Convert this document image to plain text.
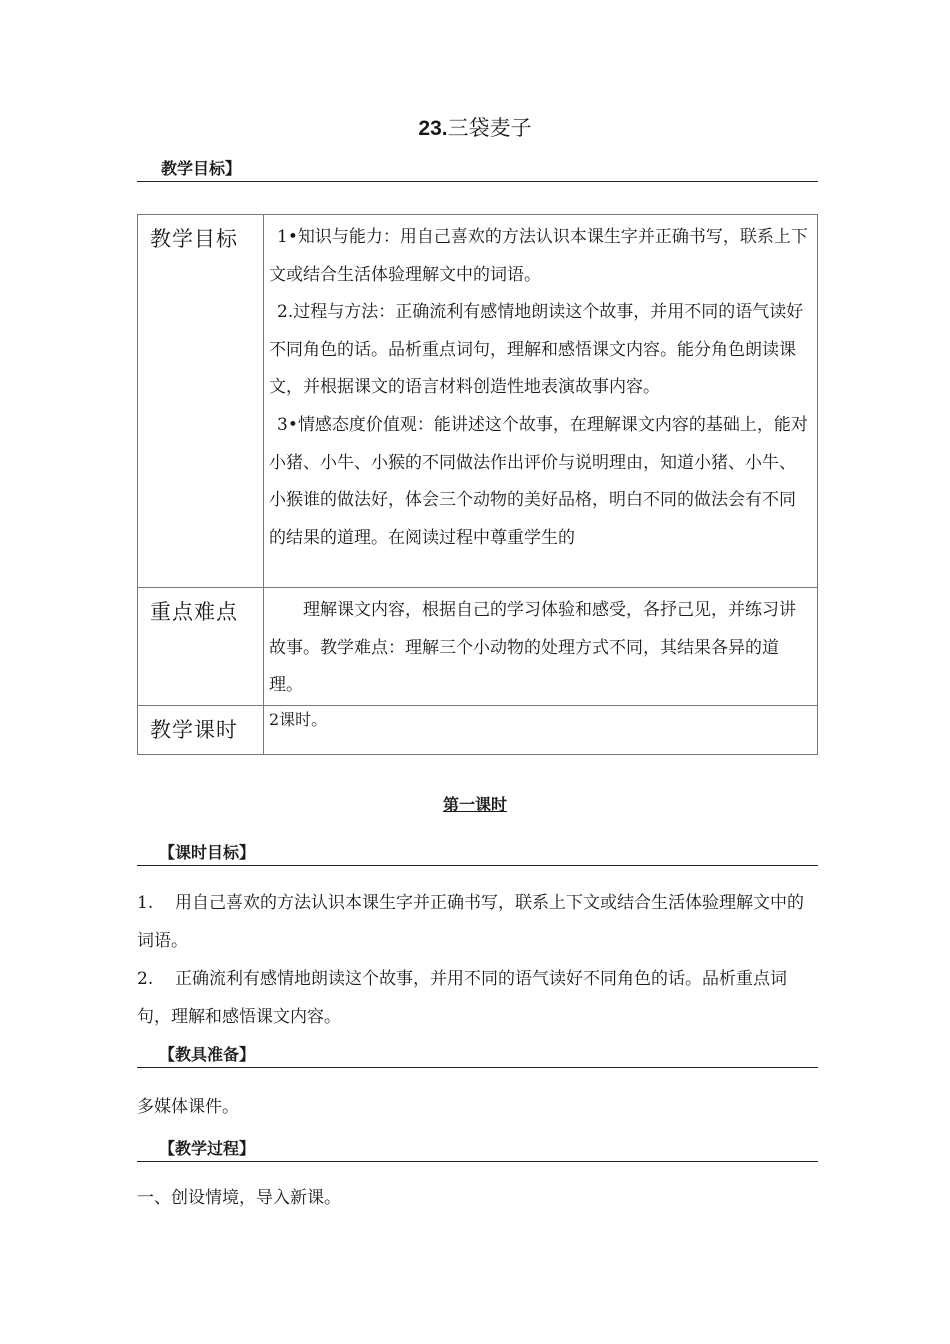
23.三袋麦子
教学目标】
教学目标	1•知识与能力：用自己喜欢的方法认识本课生字并正确书写，联系上下文或结合生活体验理解文中的词语。

2.过程与方法：正确流利有感情地朗读这个故事，并用不同的语气读好不同角色的话。品析重点词句，理解和感悟课文内容。能分角色朗读课文，并根据课文的语言材料创造性地表演故事内容。

3•情感态度价值观：能讲述这个故事，在理解课文内容的基础上，能对小猪、小牛、小猴的不同做法作出评价与说明理由，知道小猪、小牛、小猴谁的做法好，体会三个动物的美好品格，明白不同的做法会有不同的结果的道理。在阅读过程中尊重学生的

重点难点	理解课文内容，根据自己的学习体验和感受，各抒己见，并练习讲故事。教学难点：理解三个小动物的处理方式不同，其结果各异的道理。

教学课时	2课时。
第一课时
【课时目标】
1. 用自己喜欢的方法认识本课生字并正确书写，联系上下文或结合生活体验理解文中的词语。
2. 正确流利有感情地朗读这个故事，并用不同的语气读好不同角色的话。品析重点词句，理解和感悟课文内容。
【教具准备】
多媒体课件。
【教学过程】
一、创设情境，导入新课。
